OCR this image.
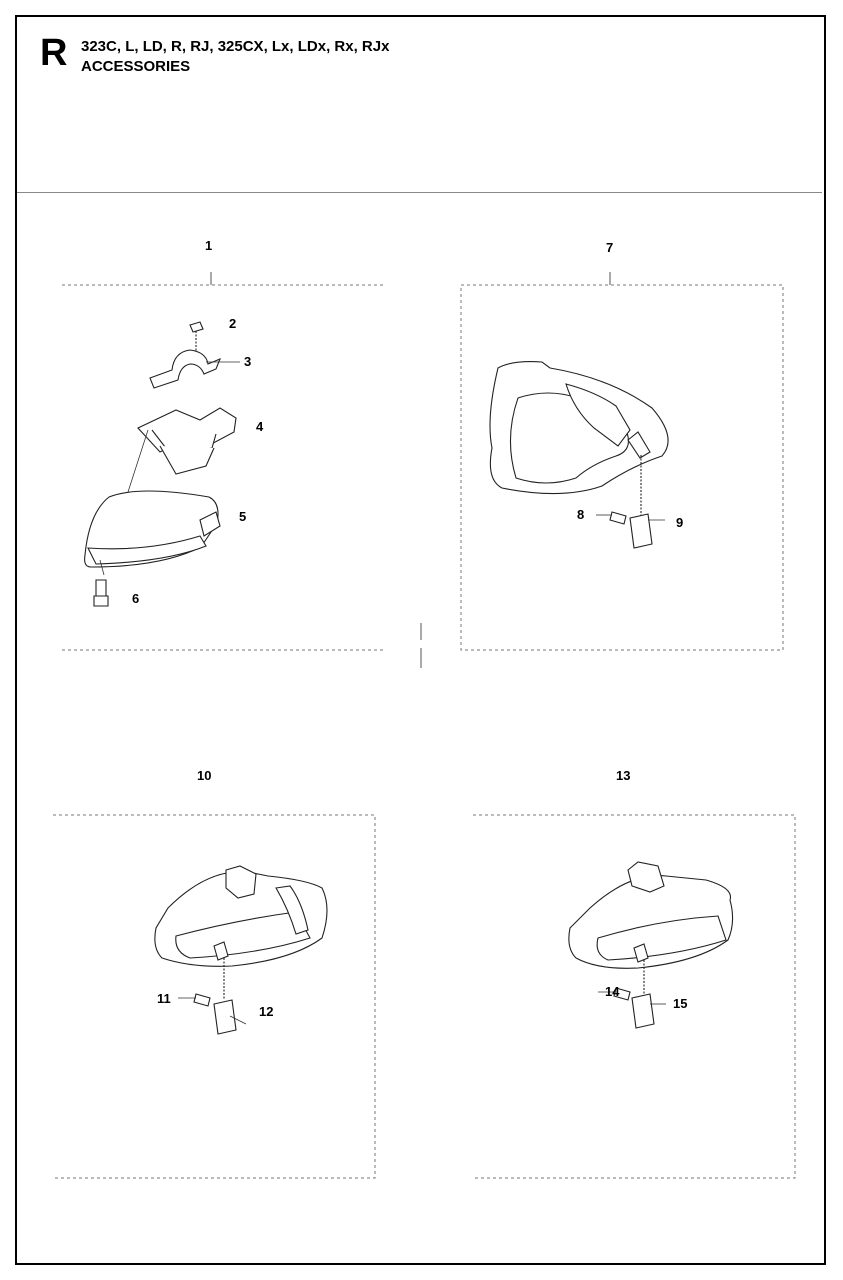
R 323C, L, LD, R, RJ, 325CX, Lx, LDx, Rx, RJx
ACCESSORIES
1	7
10	13
2
3
4
5
6
8
9
11
12
14
15
